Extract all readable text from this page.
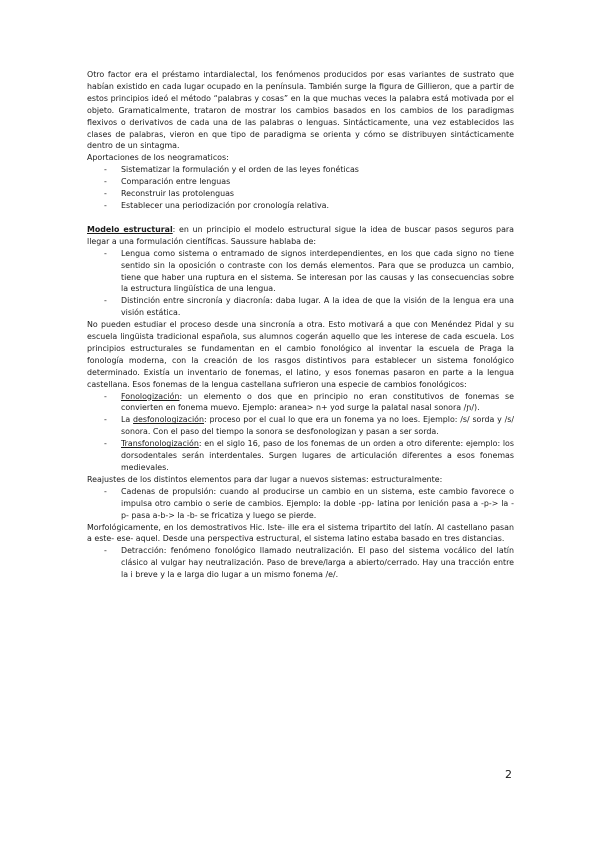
Otro factor era el préstamo intardialectal, los fenómenos producidos por esas variantes de sustrato que habían existido en cada lugar ocupado en la península. También surge la figura de Gillieron, que a partir de estos principios ideó el método “palabras y cosas” en la que muchas veces la palabra está motivada por el objeto. Gramaticalmente, trataron de mostrar los cambios basados en los cambios de los paradigmas flexivos o derivativos de cada una de las palabras o lenguas. Sintácticamente, una vez establecidos las clases de palabras, vieron en que tipo de paradigma se orienta y cómo se distribuyen sintácticamente dentro de un sintagma.

Aportaciones de los neogramaticos:

- Sistematizar la formulación y el orden de las leyes fonéticas
- Comparación entre lenguas
- Reconstruir las protolenguas
- Establecer una periodización por cronología relativa.

Modelo estructural: en un principio el modelo estructural sigue la idea de buscar pasos seguros para llegar a una formulación científicas. Saussure hablaba de:

- Lengua como sistema o entramado de signos interdependientes, en los que cada signo no tiene sentido sin la oposición o contraste con los demás elementos. Para que se produzca un cambio, tiene que haber una ruptura en el sistema. Se interesan por las causas y las consecuencias sobre la estructura lingüística de una lengua.
- Distinción entre sincronía y diacronía: daba lugar. A la idea de que la visión de la lengua era una visión estática.

No pueden estudiar el proceso desde una sincronía a otra. Esto motivará a que con Menéndez Pidal y su escuela lingüista tradicional española, sus alumnos cogerán aquello que les interese de cada escuela. Los principios estructurales se fundamentan en el cambio fonológico al inventar la escuela de Praga la fonología moderna, con la creación de los rasgos distintivos para establecer un sistema fonológico determinado. Existía un inventario de fonemas, el latino, y esos fonemas pasaron en parte a la lengua castellana. Esos fonemas de la lengua castellana sufrieron una especie de cambios fonológicos:

- Fonologización: un elemento o dos que en principio no eran constitutivos de fonemas se convierten en fonema muevo. Ejemplo: aranea> n+ yod surge la palatal nasal sonora /ɲ/).
- La desfonologización: proceso por el cual lo que era un fonema ya no loes. Ejemplo: /s/ sorda y /s/ sonora. Con el paso del tiempo la sonora se desfonologizan y pasan a ser sorda.
- Transfonologización: en el siglo 16, paso de los fonemas de un orden a otro diferente: ejemplo: los dorsodentales serán interdentales. Surgen lugares de articulación diferentes a esos fonemas medievales.

Reajustes de los distintos elementos para dar lugar a nuevos sistemas: estructuralmente:

- Cadenas de propulsión: cuando al producirse un cambio en un sistema, este cambio favorece o impulsa otro cambio o serie de cambios. Ejemplo: la doble -pp- latina por lenición pasa a -p-> la -p- pasa a-b-> la -b- se fricatiza y luego se pierde.

Morfológicamente, en los demostrativos Hic. Iste- ille era el sistema tripartito del latín. Al castellano pasan a este- ese- aquel. Desde una perspectiva estructural, el sistema latino estaba basado en tres distancias.

- Detracción: fenómeno fonológico llamado neutralización. El paso del sistema vocálico del latín clásico al vulgar hay neutralización. Paso de breve/larga a abierto/cerrado. Hay una tracción entre la i breve y la e larga dio lugar a un mismo fonema /e/.
2
